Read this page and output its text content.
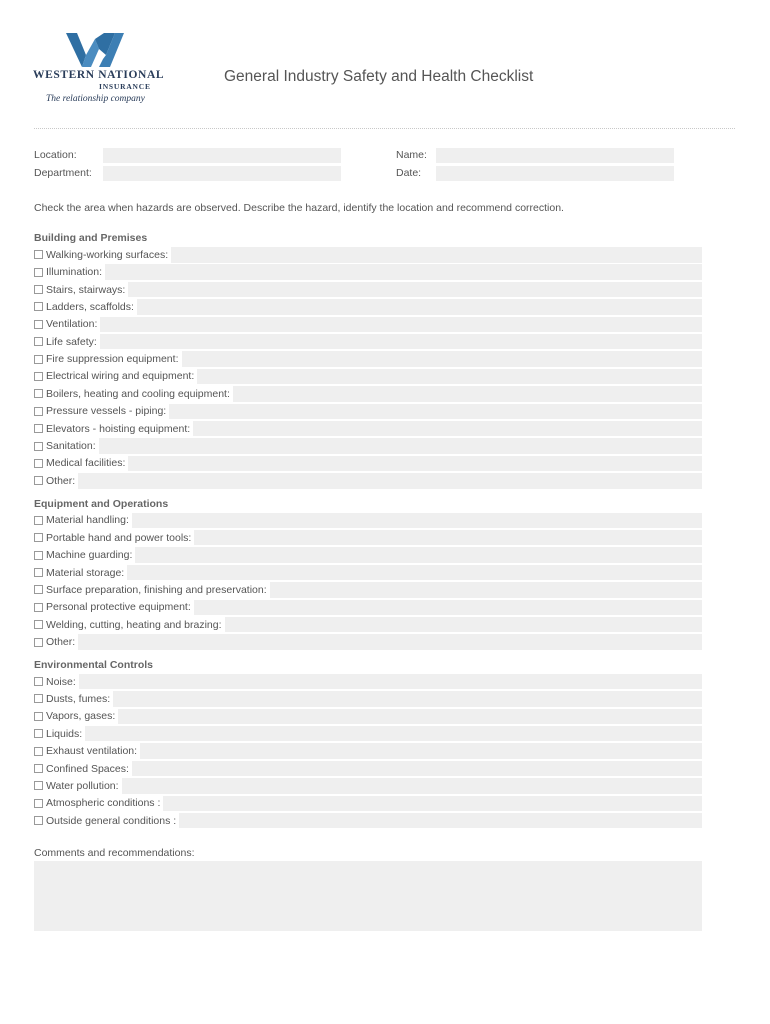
WESTERN NATIONAL
INSURANCE
The relationship company
General Industry Safety and Health Checklist
Location:
Department:
Name:
Date:
Check the area when hazards are observed. Describe the hazard, identify the location and recommend correction.
Building and Premises
Walking-working surfaces:
Illumination:
Stairs, stairways:
Ladders, scaffolds:
Ventilation:
Life safety:
Fire suppression equipment:
Electrical wiring and equipment:
Boilers, heating and cooling equipment:
Pressure vessels - piping:
Elevators - hoisting equipment:
Sanitation:
Medical facilities:
Other:
Equipment and Operations
Material handling:
Portable hand and power tools:
Machine guarding:
Material storage:
Surface preparation, finishing and preservation:
Personal protective equipment:
Welding, cutting, heating and brazing:
Other:
Environmental Controls
Noise:
Dusts, fumes:
Vapors, gases:
Liquids:
Exhaust ventilation:
Confined Spaces:
Water pollution:
Atmospheric conditions :
Outside general conditions :
Comments and recommendations:
